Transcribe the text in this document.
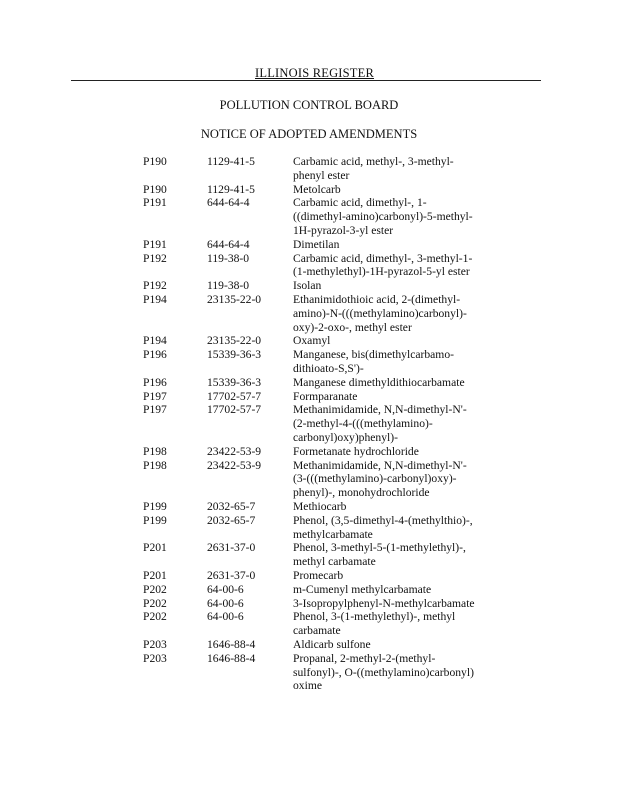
ILLINOIS REGISTER
POLLUTION CONTROL BOARD
NOTICE OF ADOPTED AMENDMENTS
P190	1129-41-5	Carbamic acid, methyl-, 3-methyl-
phenyl ester
P190	1129-41-5	Metolcarb
P191	644-64-4	Carbamic acid, dimethyl-, 1-
((dimethyl-amino)carbonyl)-5-methyl-
1H-pyrazol-3-yl ester
P191	644-64-4	Dimetilan
P192	119-38-0	Carbamic acid, dimethyl-, 3-methyl-1-
(1-methylethyl)-1H-pyrazol-5-yl ester
P192	119-38-0	Isolan
P194	23135-22-0	Ethanimidothioic acid, 2-(dimethyl-
amino)-N-(((methylamino)carbonyl)-
oxy)-2-oxo-, methyl ester
P194	23135-22-0	Oxamyl
P196	15339-36-3	Manganese, bis(dimethylcarbamo-
dithioato-S,S')-
P196	15339-36-3	Manganese dimethyldithiocarbamate
P197	17702-57-7	Formparanate
P197	17702-57-7	Methanimidamide, N,N-dimethyl-N'-
(2-methyl-4-(((methylamino)-
carbonyl)oxy)phenyl)-
P198	23422-53-9	Formetanate hydrochloride
P198	23422-53-9	Methanimidamide, N,N-dimethyl-N'-
(3-(((methylamino)-carbonyl)oxy)-
phenyl)-, monohydrochloride
P199	2032-65-7	Methiocarb
P199	2032-65-7	Phenol, (3,5-dimethyl-4-(methylthio)-,
methylcarbamate
P201	2631-37-0	Phenol, 3-methyl-5-(1-methylethyl)-,
methyl carbamate
P201	2631-37-0	Promecarb
P202	64-00-6	m-Cumenyl methylcarbamate
P202	64-00-6	3-Isopropylphenyl-N-methylcarbamate
P202	64-00-6	Phenol, 3-(1-methylethyl)-, methyl
carbamate
P203	1646-88-4	Aldicarb sulfone
P203	1646-88-4	Propanal, 2-methyl-2-(methyl-
sulfonyl)-, O-((methylamino)carbonyl)
oxime
